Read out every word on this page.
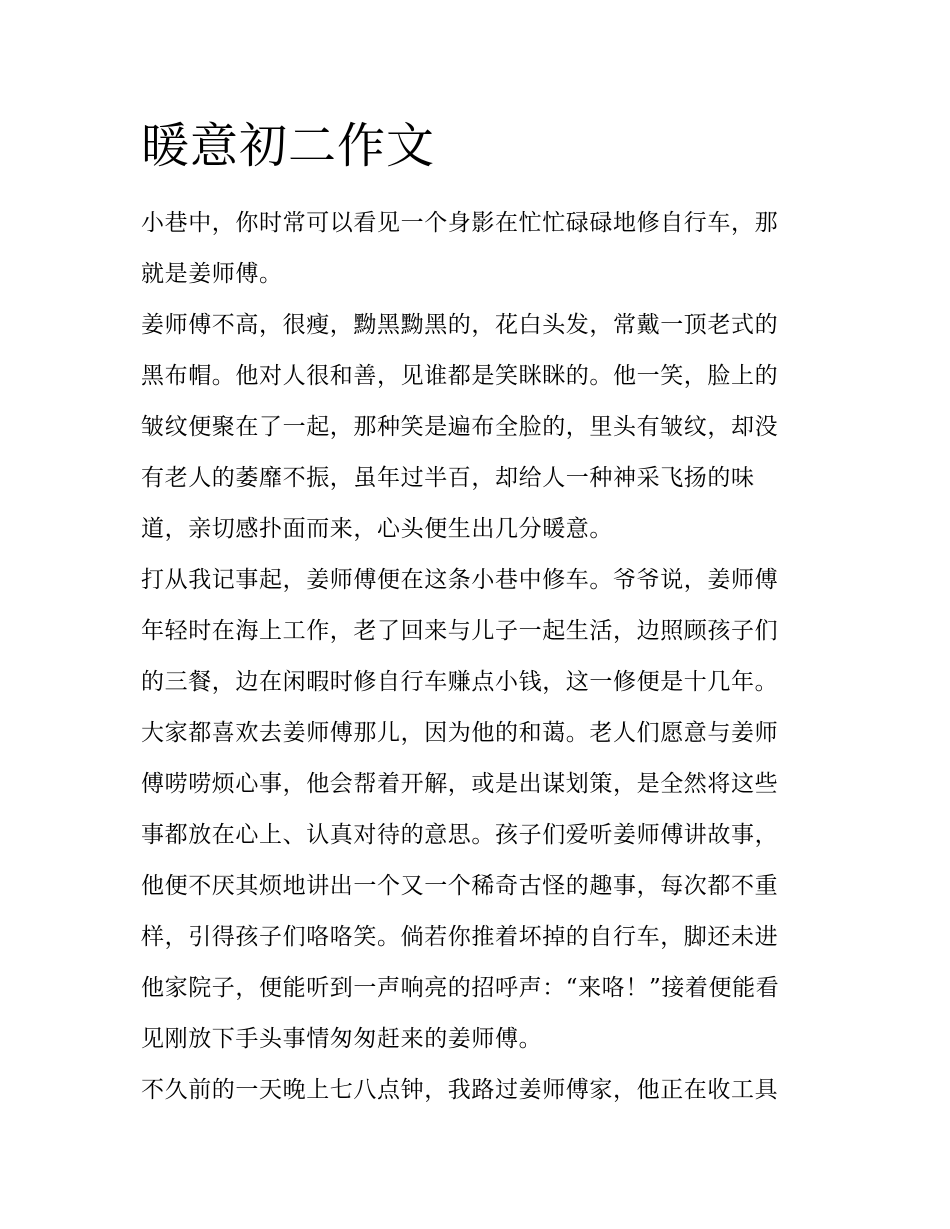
暖意初二作文

小巷中，你时常可以看见一个身影在忙忙碌碌地修自行车，那
就是姜师傅。

姜师傅不高，很瘦，黝黑黝黑的，花白头发，常戴一顶老式的
黑布帽。他对人很和善，见谁都是笑眯眯的。他一笑，脸上的
皱纹便聚在了一起，那种笑是遍布全脸的，里头有皱纹，却没
有老人的萎靡不振，虽年过半百，却给人一种神采飞扬的味
道，亲切感扑面而来，心头便生出几分暖意。

打从我记事起，姜师傅便在这条小巷中修车。爷爷说，姜师傅
年轻时在海上工作，老了回来与儿子一起生活，边照顾孩子们
的三餐，边在闲暇时修自行车赚点小钱，这一修便是十几年。
大家都喜欢去姜师傅那儿，因为他的和蔼。老人们愿意与姜师
傅唠唠烦心事，他会帮着开解，或是出谋划策，是全然将这些
事都放在心上、认真对待的意思。孩子们爱听姜师傅讲故事，
他便不厌其烦地讲出一个又一个稀奇古怪的趣事，每次都不重
样，引得孩子们咯咯笑。倘若你推着坏掉的自行车，脚还未进
他家院子，便能听到一声响亮的招呼声：“来咯！”接着便能看
见刚放下手头事情匆匆赶来的姜师傅。

不久前的一天晚上七八点钟，我路过姜师傅家，他正在收工具
